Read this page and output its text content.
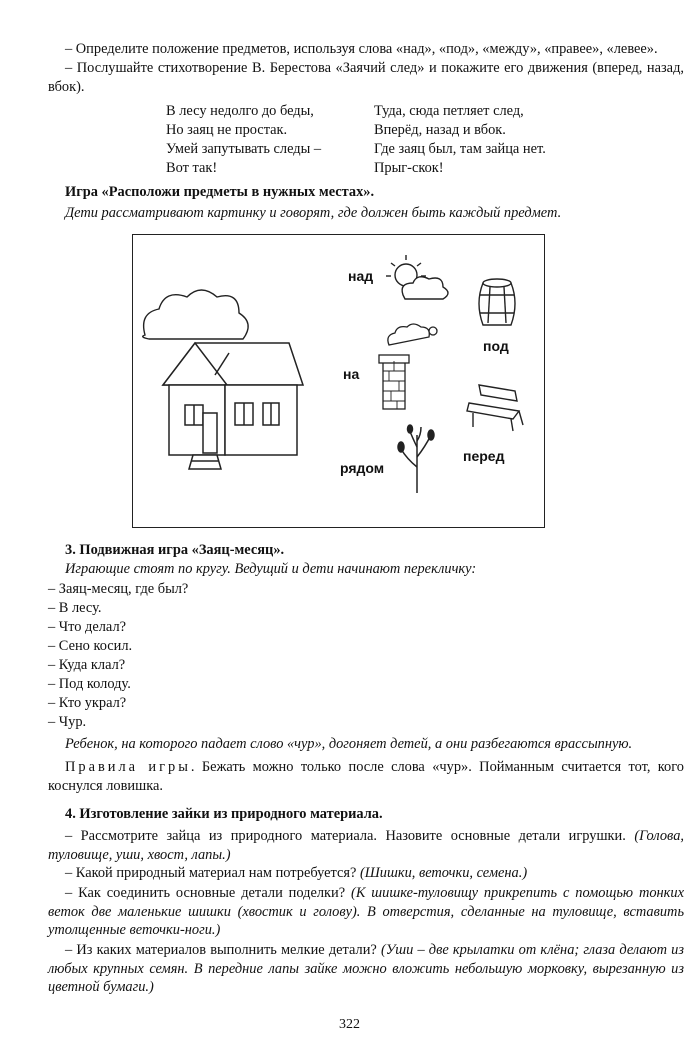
– Определите положение предметов, используя слова «над», «под», «между», «правее», «левее».

– Послушайте стихотворение В. Берестова «Заячий след» и покажите его движения (вперед, назад, вбок).

В лесу недолго до беды,
Но заяц не простак.
Умей запутывать следы –
Вот так!
Туда, сюда петляет след,
Вперёд, назад и вбок.
Где заяц был, там зайца нет.
Прыг-скок!

Игра «Расположи предметы в нужных местах».

Дети рассматривают картинку и говорят, где должен быть каждый предмет.

над
под
на
перед
рядом

3. Подвижная игра «Заяц-месяц».

Играющие стоят по кругу. Ведущий и дети начинают перекличку:

– Заяц-месяц, где был?
– В лесу.
– Что делал?
– Сено косил.
– Куда клал?
– Под колоду.
– Кто украл?
– Чур.

Ребенок, на которого падает слово «чур», догоняет детей, а они разбегаются врассыпную.

Правила игры. Бежать можно только после слова «чур». Пойманным считается тот, кого коснулся ловишка.

4. Изготовление зайки из природного материала.

– Рассмотрите зайца из природного материала. Назовите основные детали игрушки. (Голова, туловище, уши, хвост, лапы.)

– Какой природный материал нам потребуется? (Шишки, веточки, семена.)

– Как соединить основные детали поделки? (К шишке-туловищу прикрепить с помощью тонких веток две маленькие шишки (хвостик и голову). В отверстия, сделанные на туловище, вставить утолщенные веточки-ноги.)

– Из каких материалов выполнить мелкие детали? (Уши – две крылатки от клёна; глаза делают из любых крупных семян. В передние лапы зайке можно вложить небольшую морковку, вырезанную из цветной бумаги.)

322
